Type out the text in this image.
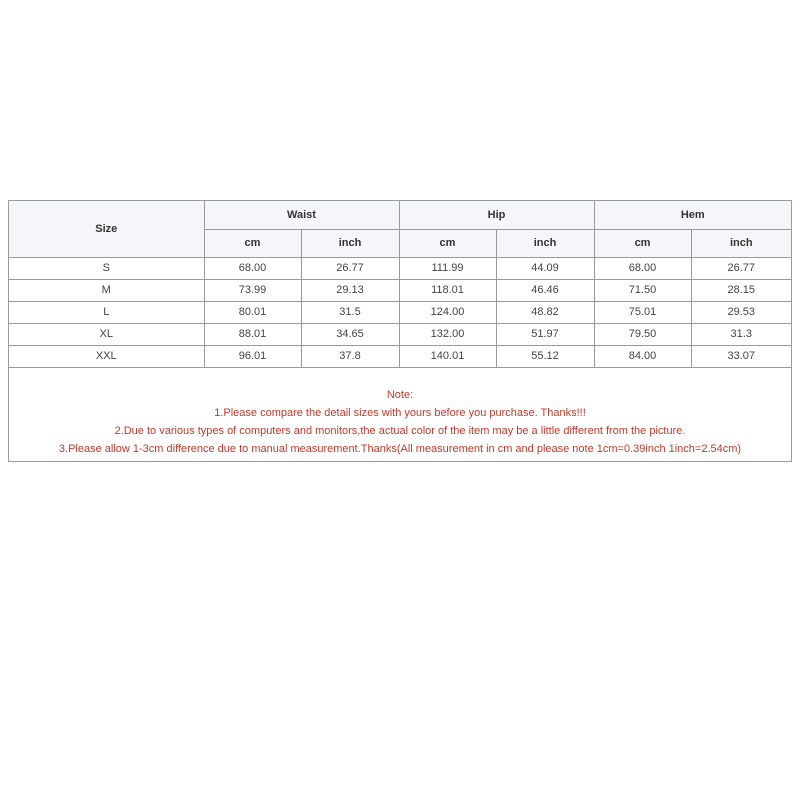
Size	Waist		Hip		Hem	
	cm	inch	cm	inch	cm	inch
S	68.00	26.77	111.99	44.09	68.00	26.77
M	73.99	29.13	118.01	46.46	71.50	28.15
L	80.01	31.5	124.00	48.82	75.01	29.53
XL	88.01	34.65	132.00	51.97	79.50	31.3
XXL	96.01	37.8	140.01	55.12	84.00	33.07
Note:
1.Please compare the detail sizes with yours before you purchase. Thanks!!!
2.Due to various types of computers and monitors,the actual color of the item may be a little different from the picture.
3.Please allow 1-3cm difference due to manual measurement.Thanks(All measurement in cm and please note 1cm=0.39inch 1inch=2.54cm)
